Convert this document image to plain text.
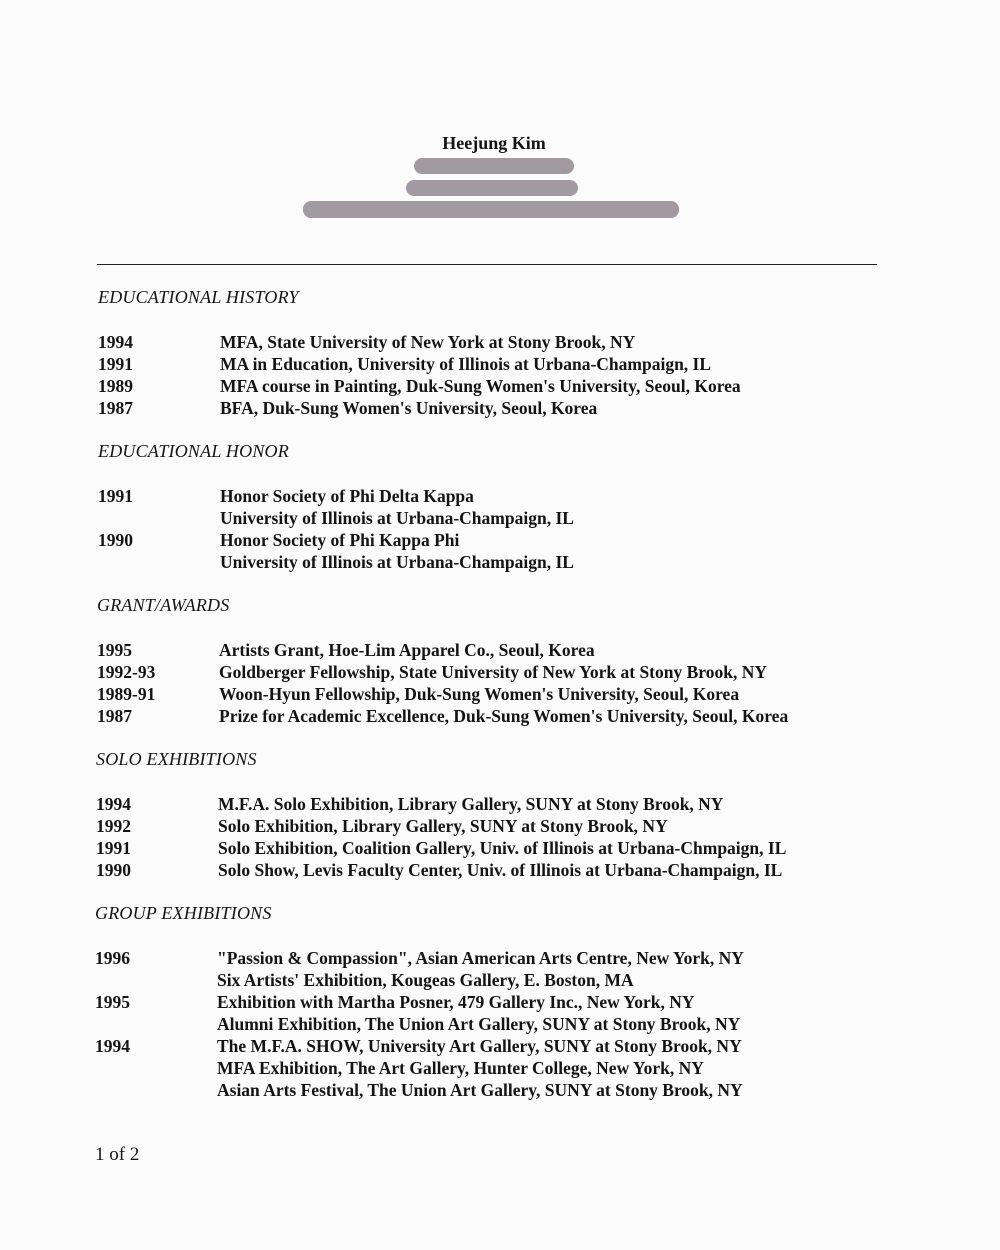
Heejung Kim
EDUCATIONAL HISTORY
1994	MFA, State University of New York at Stony Brook, NY
1991	MA in Education, University of Illinois at Urbana-Champaign, IL
1989	MFA course in Painting, Duk-Sung Women's University, Seoul, Korea
1987	BFA, Duk-Sung Women's University, Seoul, Korea
EDUCATIONAL HONOR
1991	Honor Society of Phi Delta Kappa
University of Illinois at Urbana-Champaign, IL
1990	Honor Society of Phi Kappa Phi
University of Illinois at Urbana-Champaign, IL
GRANT/AWARDS
1995	Artists Grant, Hoe-Lim Apparel Co., Seoul, Korea
1992-93	Goldberger Fellowship, State University of New York at Stony Brook, NY
1989-91	Woon-Hyun Fellowship, Duk-Sung Women's University, Seoul, Korea
1987	Prize for Academic Excellence, Duk-Sung Women's University, Seoul, Korea
SOLO EXHIBITIONS
1994	M.F.A. Solo Exhibition, Library Gallery, SUNY at Stony Brook, NY
1992	Solo Exhibition, Library Gallery, SUNY at Stony Brook, NY
1991	Solo Exhibition, Coalition Gallery, Univ. of Illinois at Urbana-Chmpaign, IL
1990	Solo Show, Levis Faculty Center, Univ. of Illinois at Urbana-Champaign, IL
GROUP EXHIBITIONS
1996	"Passion & Compassion", Asian American Arts Centre, New York, NY
Six Artists' Exhibition, Kougeas Gallery, E. Boston, MA
1995	Exhibition with Martha Posner, 479 Gallery Inc., New York, NY
Alumni Exhibition, The Union Art Gallery, SUNY at Stony Brook, NY
1994	The M.F.A. SHOW, University Art Gallery, SUNY at Stony Brook, NY
MFA Exhibition, The Art Gallery, Hunter College, New York, NY
Asian Arts Festival, The Union Art Gallery, SUNY at Stony Brook, NY
1 of 2
